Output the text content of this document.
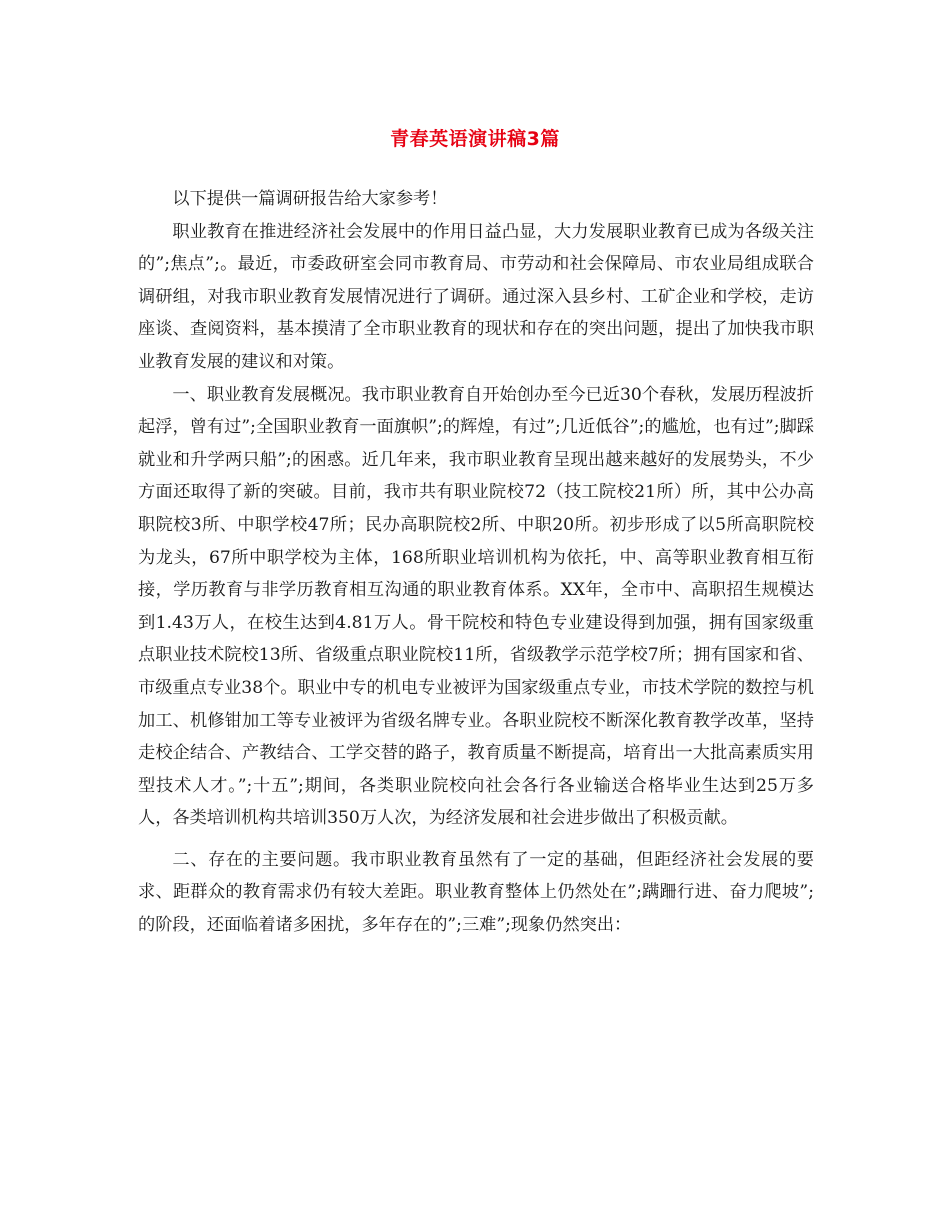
青春英语演讲稿3篇

以下提供一篇调研报告给大家参考！

职业教育在推进经济社会发展中的作用日益凸显，大力发展职业教育已成为各级关注的”;焦点”;。最近，市委政研室会同市教育局、市劳动和社会保障局、市农业局组成联合调研组，对我市职业教育发展情况进行了调研。通过深入县乡村、工矿企业和学校，走访座谈、查阅资料，基本摸清了全市职业教育的现状和存在的突出问题，提出了加快我市职业教育发展的建议和对策。

一、职业教育发展概况。我市职业教育自开始创办至今已近30个春秋，发展历程波折起浮，曾有过”;全国职业教育一面旗帜”;的辉煌，有过”;几近低谷”;的尴尬，也有过”;脚踩就业和升学两只船”;的困惑。近几年来，我市职业教育呈现出越来越好的发展势头，不少方面还取得了新的突破。目前，我市共有职业院校72（技工院校21所）所，其中公办高职院校3所、中职学校47所；民办高职院校2所、中职20所。初步形成了以5所高职院校为龙头，67所中职学校为主体，168所职业培训机构为依托，中、高等职业教育相互衔接，学历教育与非学历教育相互沟通的职业教育体系。XX年，全市中、高职招生规模达到1.43万人，在校生达到4.81万人。骨干院校和特色专业建设得到加强，拥有国家级重点职业技术院校13所、省级重点职业院校11所，省级教学示范学校7所；拥有国家和省、市级重点专业38个。职业中专的机电专业被评为国家级重点专业，市技术学院的数控与机加工、机修钳加工等专业被评为省级名牌专业。各职业院校不断深化教育教学改革，坚持走校企结合、产教结合、工学交替的路子，教育质量不断提高，培育出一大批高素质实用型技术人才。”;十五”;期间，各类职业院校向社会各行各业输送合格毕业生达到25万多人，各类培训机构共培训350万人次，为经济发展和社会进步做出了积极贡献。

二、存在的主要问题。我市职业教育虽然有了一定的基础，但距经济社会发展的要求、距群众的教育需求仍有较大差距。职业教育整体上仍然处在”;蹒跚行进、奋力爬坡”;的阶段，还面临着诸多困扰，多年存在的”;三难”;现象仍然突出：
